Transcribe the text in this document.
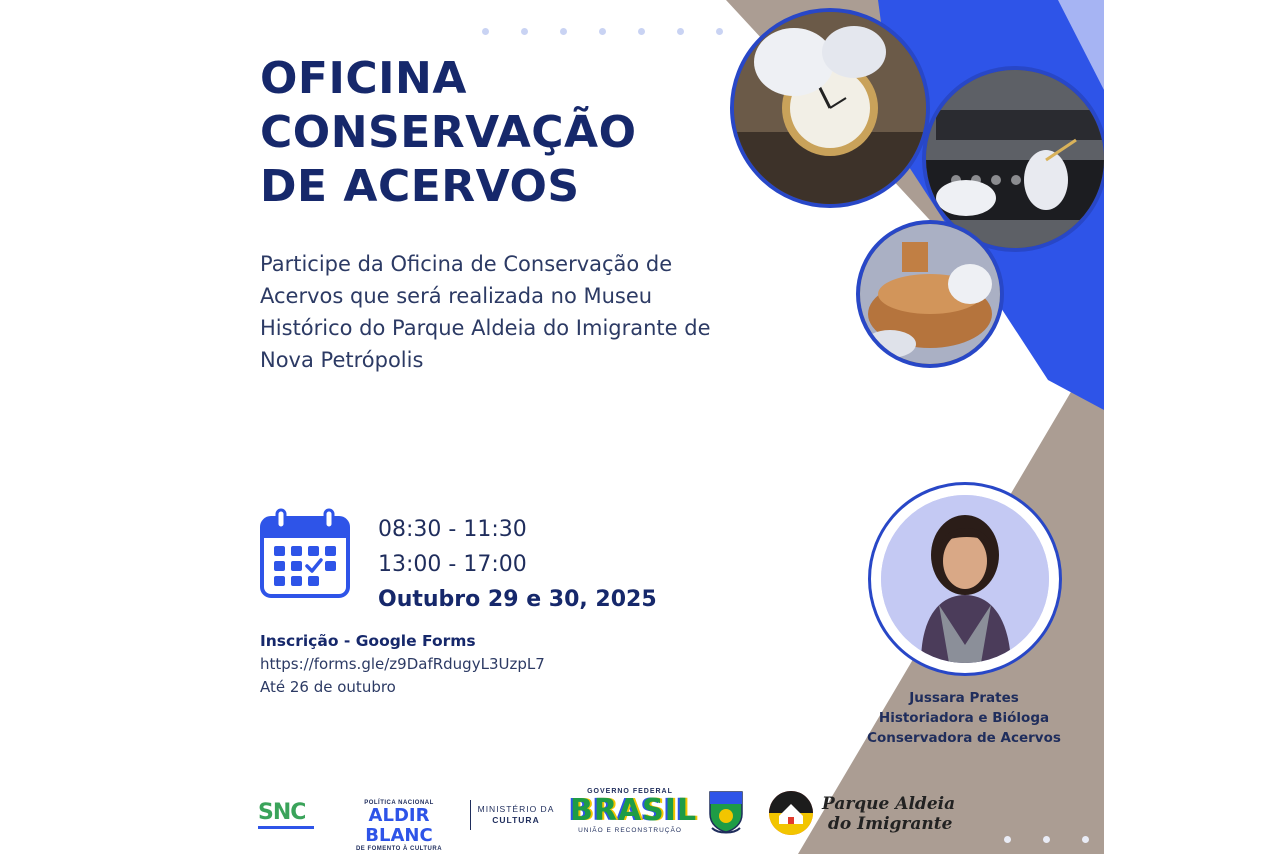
OFICINA
CONSERVAÇÃO
DE ACERVOS

Participe da Oficina de Conservação de Acervos que será realizada no Museu Histórico do Parque Aldeia do Imigrante de Nova Petrópolis

08:30 - 11:30
13:00 - 17:00
Outubro 29 e 30, 2025
Inscrição - Google Forms
https://forms.gle/z9DafRdugyL3UzpL7
Até 26 de outubro
Jussara Prates
Historiadora e Bióloga
Conservadora de Acervos
SNC	POLÍTICA NACIONAL
ALDIR BLANC
DE FOMENTO À CULTURA
MINISTÉRIO DA
CULTURA
GOVERNO FEDERAL
BRASIL
UNIÃO E RECONSTRUÇÃO
Parque Aldeia
do Imigrante
